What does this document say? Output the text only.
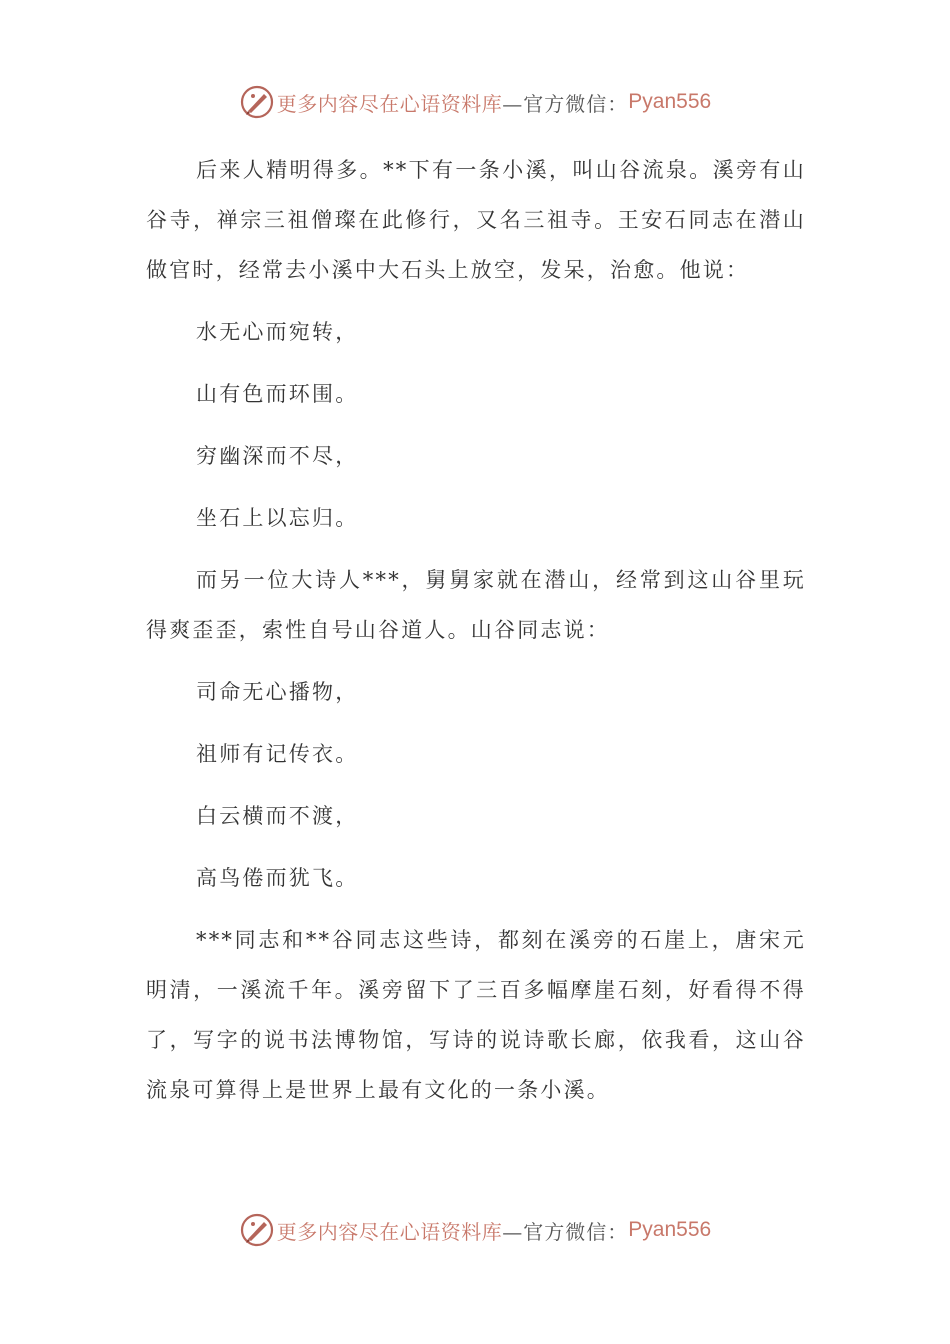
更多内容尽在心语资料库 —官方微信： Pyan556

后来人精明得多。**下有一条小溪，叫山谷流泉。溪旁有山谷寺，禅宗三祖僧璨在此修行，又名三祖寺。王安石同志在潜山做官时，经常去小溪中大石头上放空，发呆，治愈。他说：

水无心而宛转，

山有色而环围。

穷幽深而不尽，

坐石上以忘归。

而另一位大诗人***，舅舅家就在潜山，经常到这山谷里玩得爽歪歪，索性自号山谷道人。山谷同志说：

司命无心播物，

祖师有记传衣。

白云横而不渡，

高鸟倦而犹飞。

***同志和**谷同志这些诗，都刻在溪旁的石崖上，唐宋元明清，一溪流千年。溪旁留下了三百多幅摩崖石刻，好看得不得了，写字的说书法博物馆，写诗的说诗歌长廊，依我看，这山谷流泉可算得上是世界上最有文化的一条小溪。

更多内容尽在心语资料库 —官方微信： Pyan556
